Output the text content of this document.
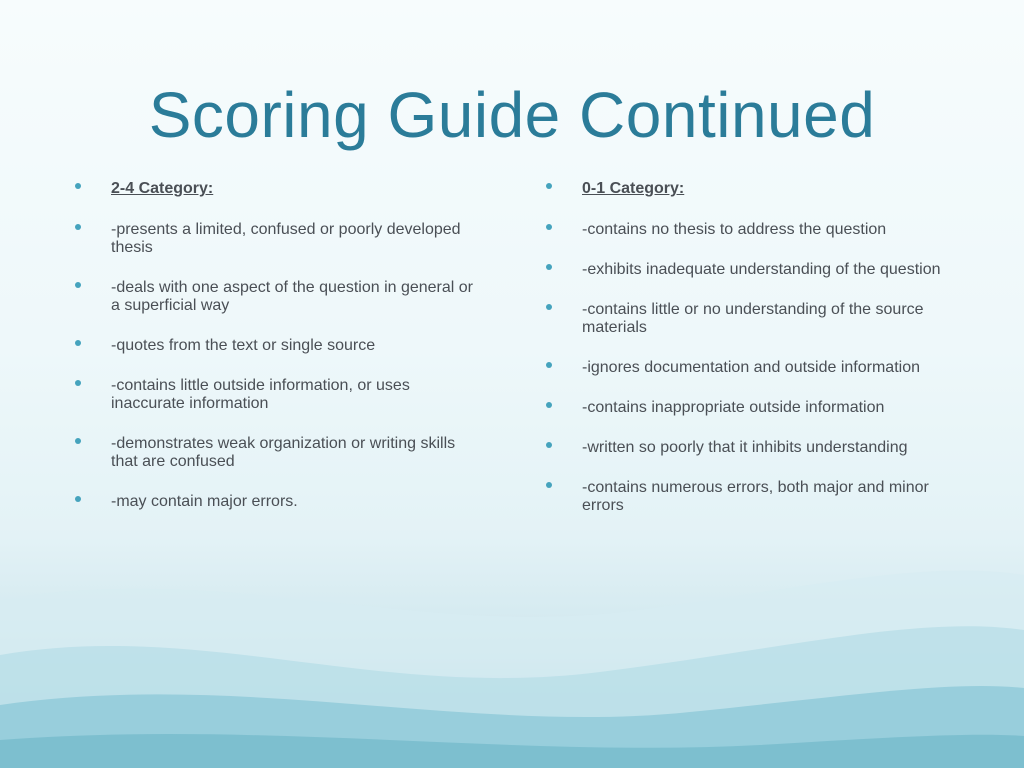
Scoring Guide Continued
2-4 Category:
-presents a limited, confused or poorly developed thesis
-deals with one aspect of the question in general or a superficial way
-quotes from the text or single source
-contains little outside information, or uses inaccurate information
-demonstrates weak organization or writing skills that are confused
-may contain major errors.
0-1 Category:
-contains no thesis to address the question
-exhibits inadequate understanding of the question
-contains little or no understanding of the source materials
-ignores documentation and outside information
-contains inappropriate outside information
-written so poorly that it inhibits understanding
-contains numerous errors, both major and minor errors
